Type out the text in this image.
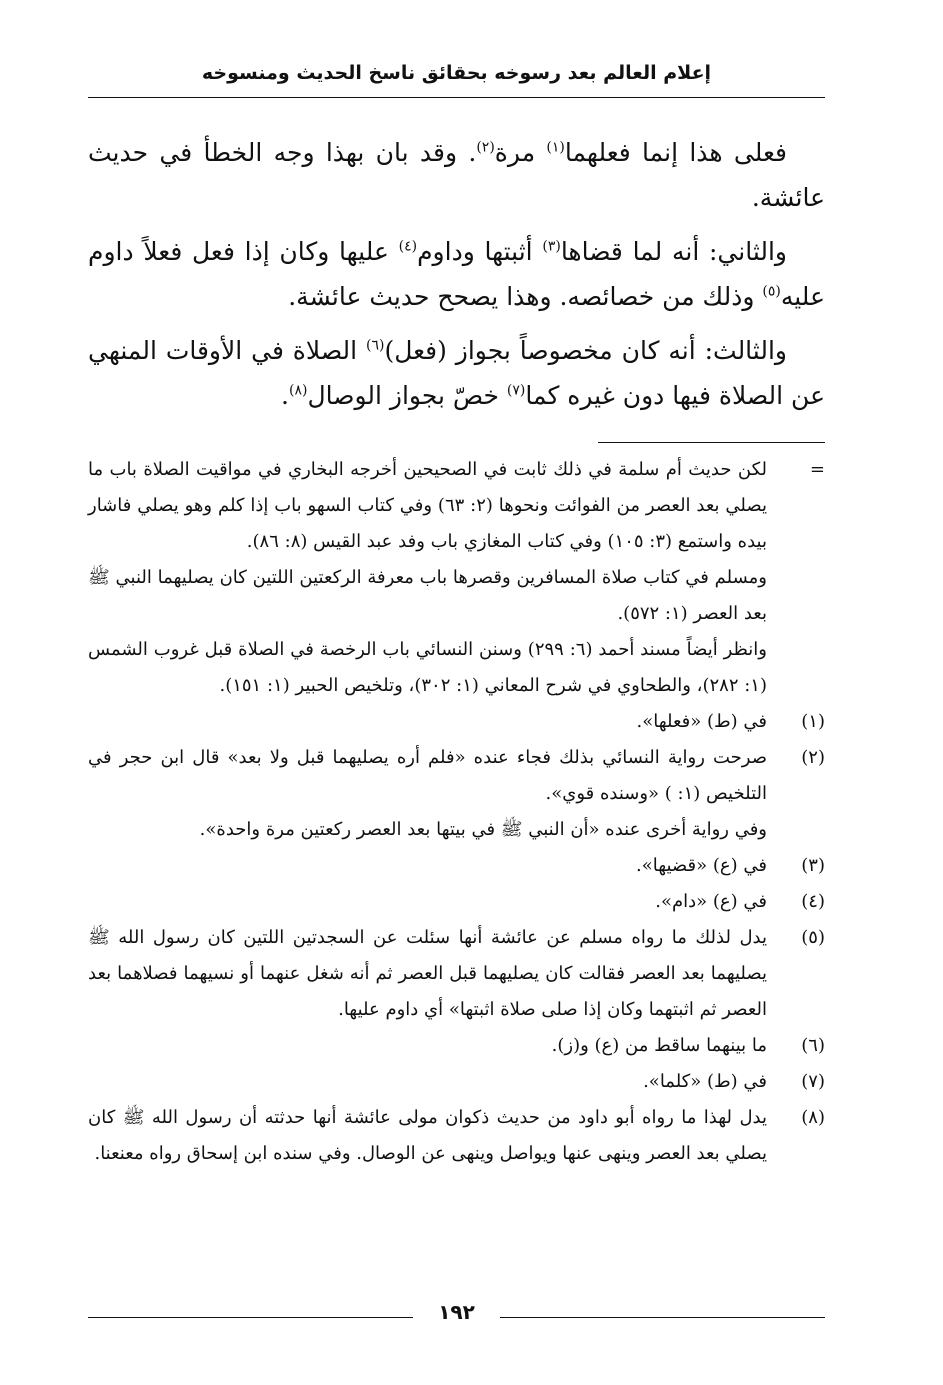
إعلام العالم بعد رسوخه بحقائق ناسخ الحديث ومنسوخه

فعلى هذا إنما فعلهما$^{(١)}$ مرة$^{(٢)}$. وقد بان بهذا وجه الخطأ في حديث عائشة.

والثاني: أنه لما قضاها$^{(٣)}$ أثبتها وداوم$^{(٤)}$ عليها وكان إذا فعل فعلاً داوم عليه$^{(٥)}$ وذلك من خصائصه. وهذا يصحح حديث عائشة.

والثالث: أنه كان مخصوصاً بجواز (فعل)$^{(٦)}$ الصلاة في الأوقات المنهي عن الصلاة فيها دون غيره كما$^{(٧)}$ خصّ بجواز الوصال$^{(٨)}$.

=

لكن حديث أم سلمة في ذلك ثابت في الصحيحين أخرجه البخاري في مواقيت الصلاة باب ما يصلي بعد العصر من الفوائت ونحوها (٢: ٦٣) وفي كتاب السهو باب إذا كلم وهو يصلي فاشار بيده واستمع (٣: ١٠٥) وفي كتاب المغازي باب وفد عبد القيس (٨: ٨٦).

ومسلم في كتاب صلاة المسافرين وقصرها باب معرفة الركعتين اللتين كان يصليهما النبي ﷺ بعد العصر (١: ٥٧٢).

وانظر أيضاً مسند أحمد (٦: ٢٩٩) وسنن النسائي باب الرخصة في الصلاة قبل غروب الشمس (١: ٢٨٢)، والطحاوي في شرح المعاني (١: ٣٠٢)، وتلخيص الحبير (١: ١٥١).

(١)

في (ط) «فعلها».

(٢)

صرحت رواية النسائي بذلك فجاء عنده «فلم أره يصليهما قبل ولا بعد» قال ابن حجر في التلخيص (١: ) «وسنده قوي».

وفي رواية أخرى عنده «أن النبي ﷺ في بيتها بعد العصر ركعتين مرة واحدة».

(٣)

في (ع) «قضيها».

(٤)

في (ع) «دام».

(٥)

يدل لذلك ما رواه مسلم عن عائشة أنها سئلت عن السجدتين اللتين كان رسول الله ﷺ يصليهما بعد العصر فقالت كان يصليهما قبل العصر ثم أنه شغل عنهما أو نسيهما فصلاهما بعد العصر ثم اثبتهما وكان إذا صلى صلاة اثبتها» أي داوم عليها.

(٦)

ما بينهما ساقط من (ع) و(ز).

(٧)

في (ط) «كلما».

(٨)

يدل لهذا ما رواه أبو داود من حديث ذكوان مولى عائشة أنها حدثته أن رسول الله ﷺ كان يصلي بعد العصر وينهى عنها ويواصل وينهى عن الوصال. وفي سنده ابن إسحاق رواه معنعنا.

١٩٢
